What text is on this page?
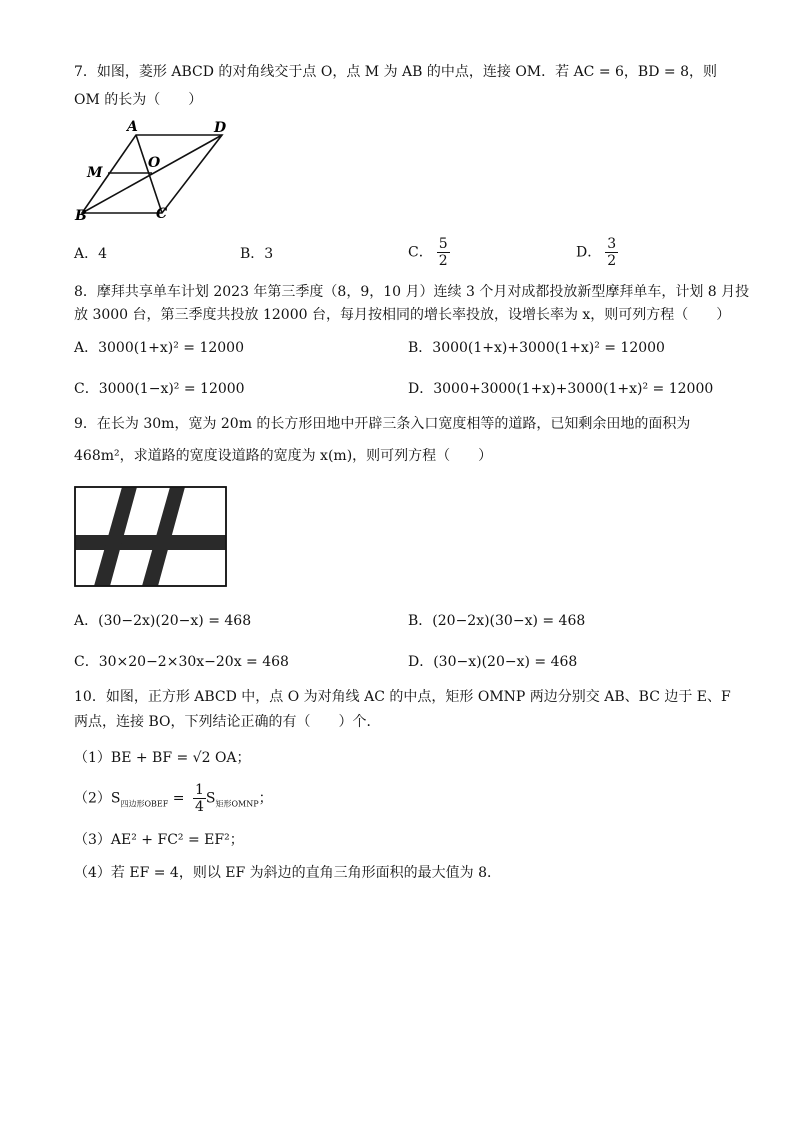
7．如图，菱形 ABCD 的对角线交于点 O，点 M 为 AB 的中点，连接 OM．若 AC = 6，BD = 8，则
OM 的长为（　　）
A	D
M
O
B	C
A．4	B．3	C． $\frac{5}{2}$	D． $\frac{3}{2}$
8．摩拜共享单车计划 2023 年第三季度（8，9，10 月）连续 3 个月对成都投放新型摩拜单车，计划 8 月投
放 3000 台，第三季度共投放 12000 台，每月按相同的增长率投放，设增长率为 x，则可列方程（　　）
A．3000(1+x)² = 12000	B．3000(1+x)+3000(1+x)² = 12000
C．3000(1−x)² = 12000	D．3000+3000(1+x)+3000(1+x)² = 12000
9．在长为 30m，宽为 20m 的长方形田地中开辟三条入口宽度相等的道路，已知剩余田地的面积为
468m²，求道路的宽度设道路的宽度为 x(m)，则可列方程（　　）
A．(30−2x)(20−x) = 468	B．(20−2x)(30−x) = 468
C．30×20−2×30x−20x = 468	D．(30−x)(20−x) = 468
10．如图，正方形 ABCD 中，点 O 为对角线 AC 的中点，矩形 OMNP 两边分别交 AB、BC 边于 E、F
两点，连接 BO，下列结论正确的有（　　）个．
（1）BE + BF = √2 OA；
$(2)S_{四边形OBEF} = \frac{1}{4} S_{矩形OMNP}$；
（3）AE² + FC² = EF²；
（4）若 EF = 4，则以 EF 为斜边的直角三角形面积的最大值为 8．
